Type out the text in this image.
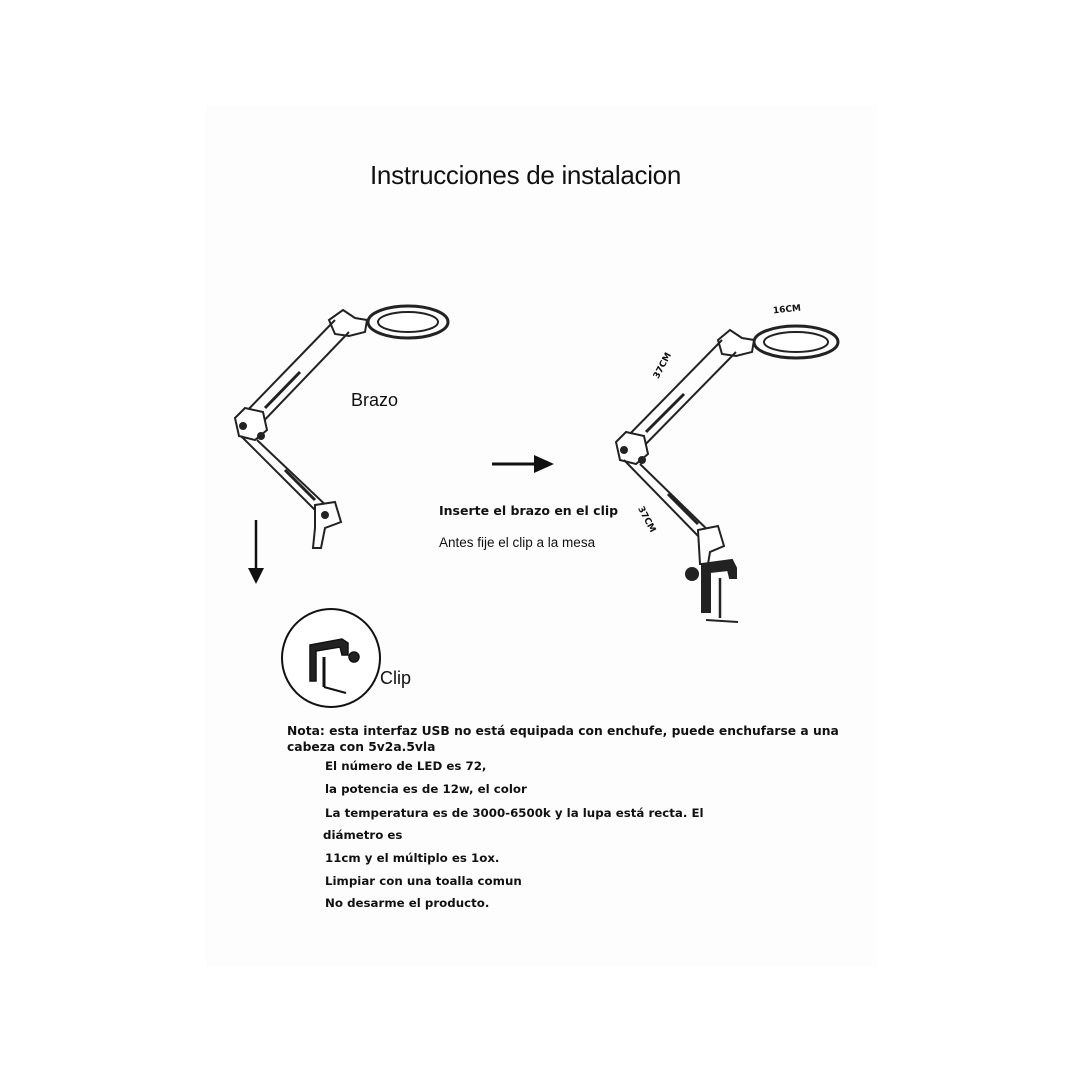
Instrucciones de instalacion
Brazo
Inserte el brazo en el clip
Antes fije el clip a la mesa
Clip
16CM
37CM
37CM
Nota: esta interfaz USB no está equipada con enchufe, puede enchufarse a una cabeza con 5v2a.5vla
El número de LED es 72,
la potencia es de 12w, el color
La temperatura es de 3000-6500k y la lupa está recta. El
diámetro es
11cm y el múltiplo es 1ox.
Limpiar con una toalla comun
No desarme el producto.
